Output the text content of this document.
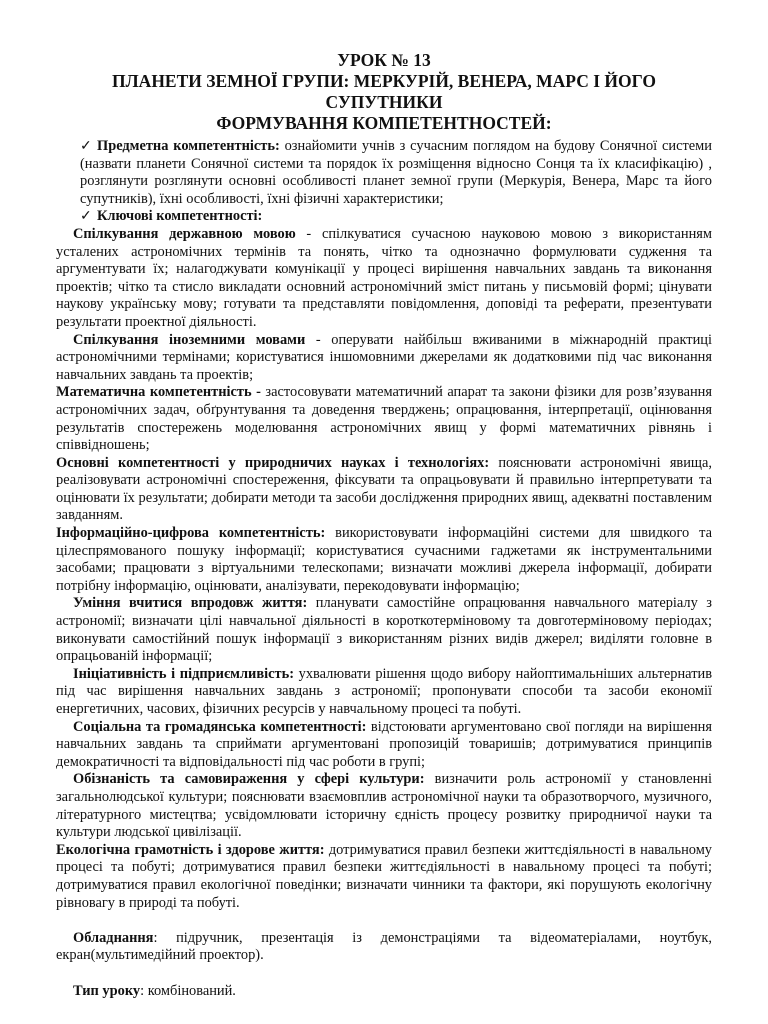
УРОК № 13
ПЛАНЕТИ ЗЕМНОЇ ГРУПИ: МЕРКУРІЙ, ВЕНЕРА, МАРС І ЙОГО
СУПУТНИКИ
ФОРМУВАННЯ КОМПЕТЕНТНОСТЕЙ:

✓ Предметна компетентність: ознайомити учнів з сучасним поглядом на будову Сонячної системи (назвати планети Сонячної системи та порядок їх розміщення відносно Сонця та їх класифікацію) , розглянути розглянути основні особливості планет земної групи (Меркурія, Венера, Марс та його супутників), їхні особливості, їхні фізичні характеристики;

✓ Ключові компетентності:

Спілкування державною мовою - спілкуватися сучасною науковою мовою з використанням усталених астрономічних термінів та понять, чітко та однозначно формулювати судження та аргументувати їх; налагоджувати комунікації у процесі вирішення навчальних завдань та виконання проектів; чітко та стисло викладати основний астрономічний зміст питань у письмовій формі; цінувати наукову українську мову; готувати та представляти повідомлення, доповіді та реферати, презентувати результати проектної діяльності.

Спілкування іноземними мовами - оперувати найбільш вживаними в міжнародній практиці астрономічними термінами; користуватися іншомовними джерелами як додатковими під час виконання навчальних завдань та проектів;

Математична компетентність - застосовувати математичний апарат та закони фізики для розв’язування астрономічних задач, обґрунтування та доведення тверджень; опрацювання, інтерпретації, оцінювання результатів спостережень моделювання астрономічних явищ у формі математичних рівнянь і співвідношень;

Основні компетентності у природничих науках і технологіях: пояснювати астрономічні явища, реалізовувати астрономічні спостереження, фіксувати та опрацьовувати й правильно інтерпретувати та оцінювати їх результати; добирати методи та засоби дослідження природних явищ, адекватні поставленим завданням.

Інформаційно-цифрова компетентність: використовувати інформаційні системи для швидкого та цілеспрямованого пошуку інформації; користуватися сучасними гаджетами як інструментальними засобами; працювати з віртуальними телескопами; визначати можливі джерела інформації, добирати потрібну інформацію, оцінювати, аналізувати, перекодовувати інформацію;

Уміння вчитися впродовж життя: планувати самостійне опрацювання навчального матеріалу з астрономії; визначати цілі навчальної діяльності в короткотерміновому та довготерміновому періодах; виконувати самостійний пошук інформації з використанням різних видів джерел; виділяти головне в опрацьованій інформації;

Ініціативність і підприємливість: ухвалювати рішення щодо вибору найоптимальніших альтернатив під час вирішення навчальних завдань з астрономії; пропонувати способи та засоби економії енергетичних, часових, фізичних ресурсів у навчальному процесі та побуті.

Соціальна та громадянська компетентності: відстоювати аргументовано свої погляди на вирішення навчальних завдань та сприймати аргументовані пропозицій товаришів; дотримуватися принципів демократичності та відповідальності під час роботи в групі;

Обізнаність та самовираження у сфері культури: визначити роль астрономії у становленні загальнолюдської культури; пояснювати взаємовплив астрономічної науки та образотворчого, музичного, літературного мистецтва; усвідомлювати історичну єдність процесу розвитку природничої науки та культури людської цивілізації.

Екологічна грамотність і здорове життя: дотримуватися правил безпеки життєдіяльності в навальному процесі та побуті; дотримуватися правил безпеки життєдіяльності в навальному процесі та побуті; дотримуватися правил екологічної поведінки; визначати чинники та фактори, які порушують екологічну рівновагу в природі та побуті.

Обладнання: підручник, презентація із демонстраціями та відеоматеріалами, ноутбук, екран(мультимедійний проектор).

Тип уроку: комбінований.
